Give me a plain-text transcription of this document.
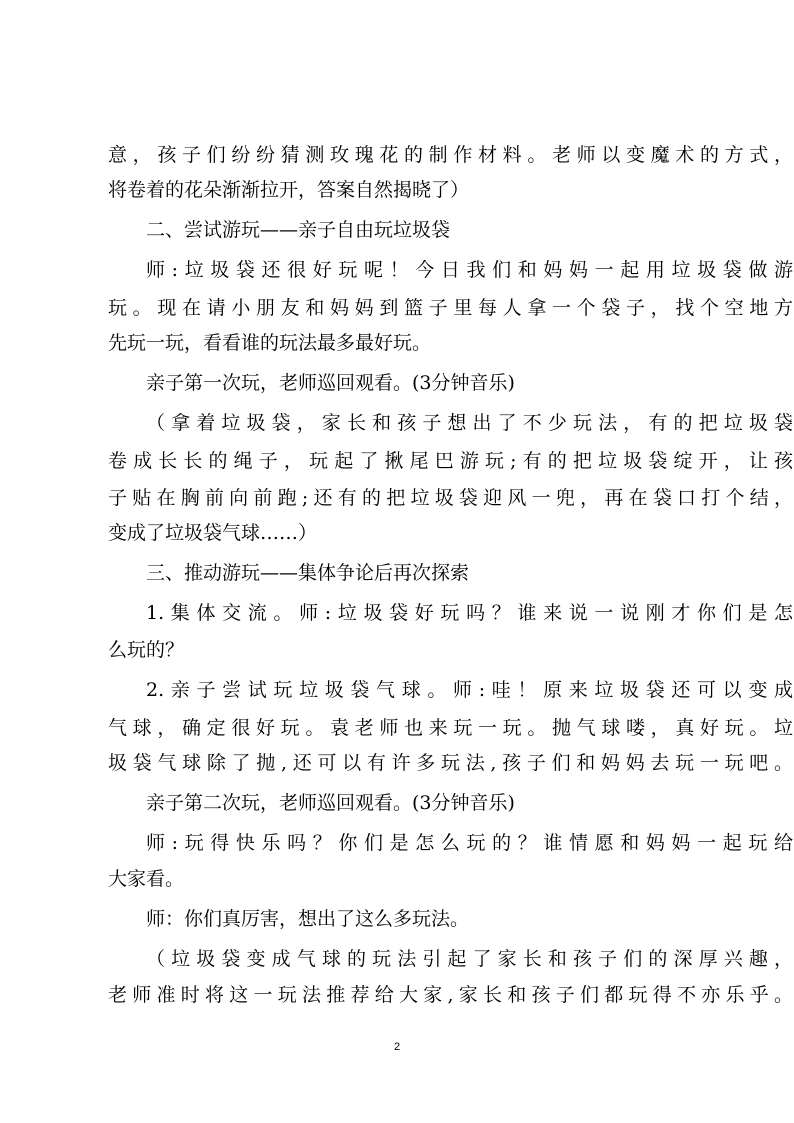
意，孩子们纷纷猜测玫瑰花的制作材料。老师以变魔术的方式，
将卷着的花朵渐渐拉开，答案自然揭晓了）
二、尝试游玩——亲子自由玩垃圾袋
师:垃圾袋还很好玩呢！今日我们和妈妈一起用垃圾袋做游
玩。现在请小朋友和妈妈到篮子里每人拿一个袋子，找个空地方
先玩一玩，看看谁的玩法最多最好玩。
亲子第一次玩，老师巡回观看。(3分钟音乐)
（拿着垃圾袋，家长和孩子想出了不少玩法，有的把垃圾袋
卷成长长的绳子，玩起了揪尾巴游玩;有的把垃圾袋绽开，让孩
子贴在胸前向前跑;还有的把垃圾袋迎风一兜，再在袋口打个结，
变成了垃圾袋气球……）
三、推动游玩——集体争论后再次探索
1.集体交流。师:垃圾袋好玩吗？谁来说一说刚才你们是怎
么玩的？
2.亲子尝试玩垃圾袋气球。师:哇！原来垃圾袋还可以变成
气球，确定很好玩。袁老师也来玩一玩。抛气球喽，真好玩。垃
圾袋气球除了抛,还可以有许多玩法,孩子们和妈妈去玩一玩吧。
亲子第二次玩，老师巡回观看。(3分钟音乐)
师:玩得快乐吗？你们是怎么玩的？谁情愿和妈妈一起玩给
大家看。
师：你们真厉害，想出了这么多玩法。
（垃圾袋变成气球的玩法引起了家长和孩子们的深厚兴趣，
老师准时将这一玩法推荐给大家,家长和孩子们都玩得不亦乐乎。
2
